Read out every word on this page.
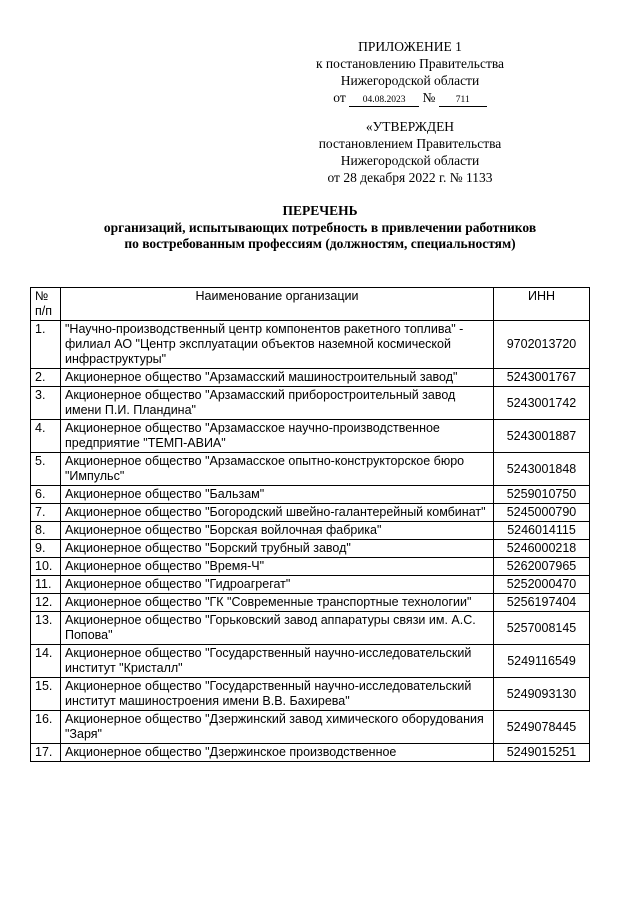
ПРИЛОЖЕНИЕ 1
к постановлению Правительства
Нижегородской области
от 04.08.2023 № 711
«УТВЕРЖДЕН
постановлением Правительства
Нижегородской области
от 28 декабря 2022 г. № 1133
ПЕРЕЧЕНЬ
организаций, испытывающих потребность в привлечении работников
по востребованным профессиям (должностям, специальностям)
№ п/п	Наименование организации	ИНН
1.	"Научно-производственный центр компонентов ракетного топлива" - филиал АО "Центр эксплуатации объектов наземной космической инфраструктуры"	9702013720
2.	Акционерное общество "Арзамасский машиностроительный завод"	5243001767
3.	Акционерное общество "Арзамасский приборостроительный завод имени П.И. Пландина"	5243001742
4.	Акционерное общество "Арзамасское научно-производственное предприятие "ТЕМП-АВИА"	5243001887
5.	Акционерное общество "Арзамасское опытно-конструкторское бюро "Импульс"	5243001848
6.	Акционерное общество "Бальзам"	5259010750
7.	Акционерное общество "Богородский швейно-галантерейный комбинат"	5245000790
8.	Акционерное общество "Борская войлочная фабрика"	5246014115
9.	Акционерное общество "Борский трубный завод"	5246000218
10.	Акционерное общество "Время-Ч"	5262007965
11.	Акционерное общество "Гидроагрегат"	5252000470
12.	Акционерное общество "ГК "Современные транспортные технологии"	5256197404
13.	Акционерное общество "Горьковский завод аппаратуры связи им. А.С. Попова"	5257008145
14.	Акционерное общество "Государственный научно-исследовательский институт "Кристалл"	5249116549
15.	Акционерное общество "Государственный научно-исследовательский институт машиностроения имени В.В. Бахирева"	5249093130
16.	Акционерное общество "Дзержинский завод химического оборудования "Заря"	5249078445
17.	Акционерное общество "Дзержинское производственное	5249015251
